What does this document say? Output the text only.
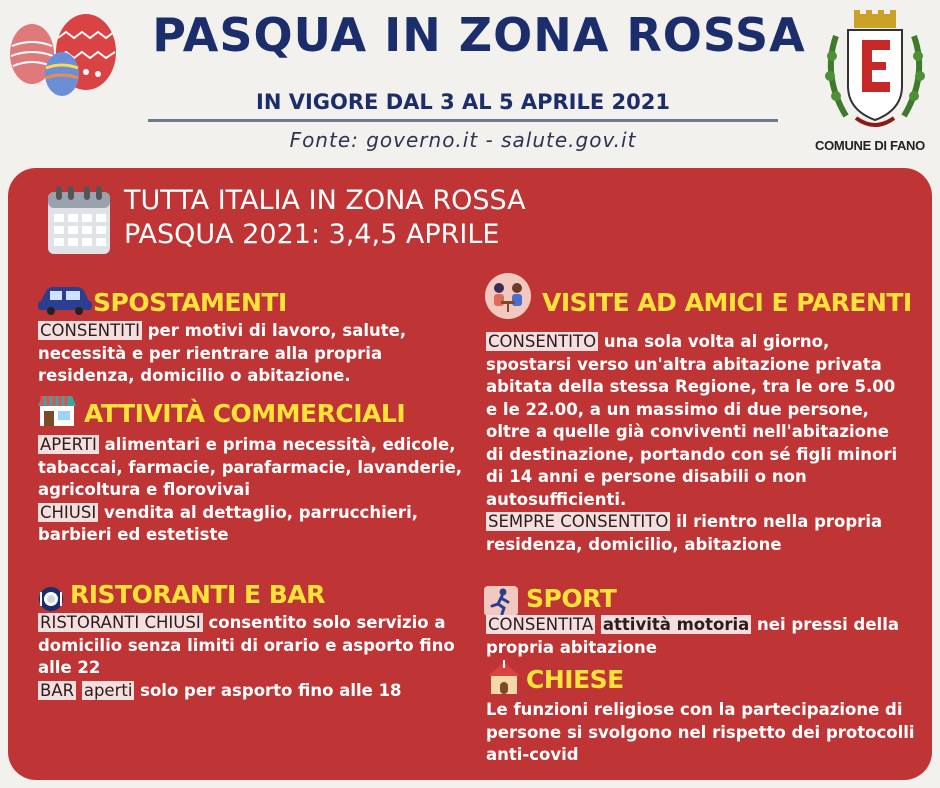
PASQUA IN ZONA ROSSA
IN VIGORE DAL 3 AL 5 APRILE 2021
Fonte: governo.it - salute.gov.it	COMUNE DI FANO
TUTTA ITALIA IN ZONA ROSSA
PASQUA 2021: 3,4,5 APRILE
SPOSTAMENTI
CONSENTITI per motivi di lavoro, salute, necessità e per rientrare alla propria residenza, domicilio o abitazione.
ATTIVITÀ COMMERCIALI
APERTI alimentari e prima necessità, edicole, tabaccai, farmacie, parafarmacie, lavanderie, agricoltura e florovivai
CHIUSI vendita al dettaglio, parrucchieri, barbieri ed estetiste
RISTORANTI E BAR
RISTORANTI CHIUSI consentito solo servizio a domicilio senza limiti di orario e asporto fino alle 22
BAR aperti solo per asporto fino alle 18
VISITE AD AMICI E PARENTI
CONSENTITO una sola volta al giorno, spostarsi verso un'altra abitazione privata abitata della stessa Regione, tra le ore 5.00 e le 22.00, a un massimo di due persone, oltre a quelle già conviventi nell'abitazione di destinazione, portando con sé figli minori di 14 anni e persone disabili o non autosufficienti.
SEMPRE CONSENTITO il rientro nella propria residenza, domicilio, abitazione
SPORT
CONSENTITA attività motoria nei pressi della propria abitazione
CHIESE
Le funzioni religiose con la partecipazione di persone si svolgono nel rispetto dei protocolli anti-covid
